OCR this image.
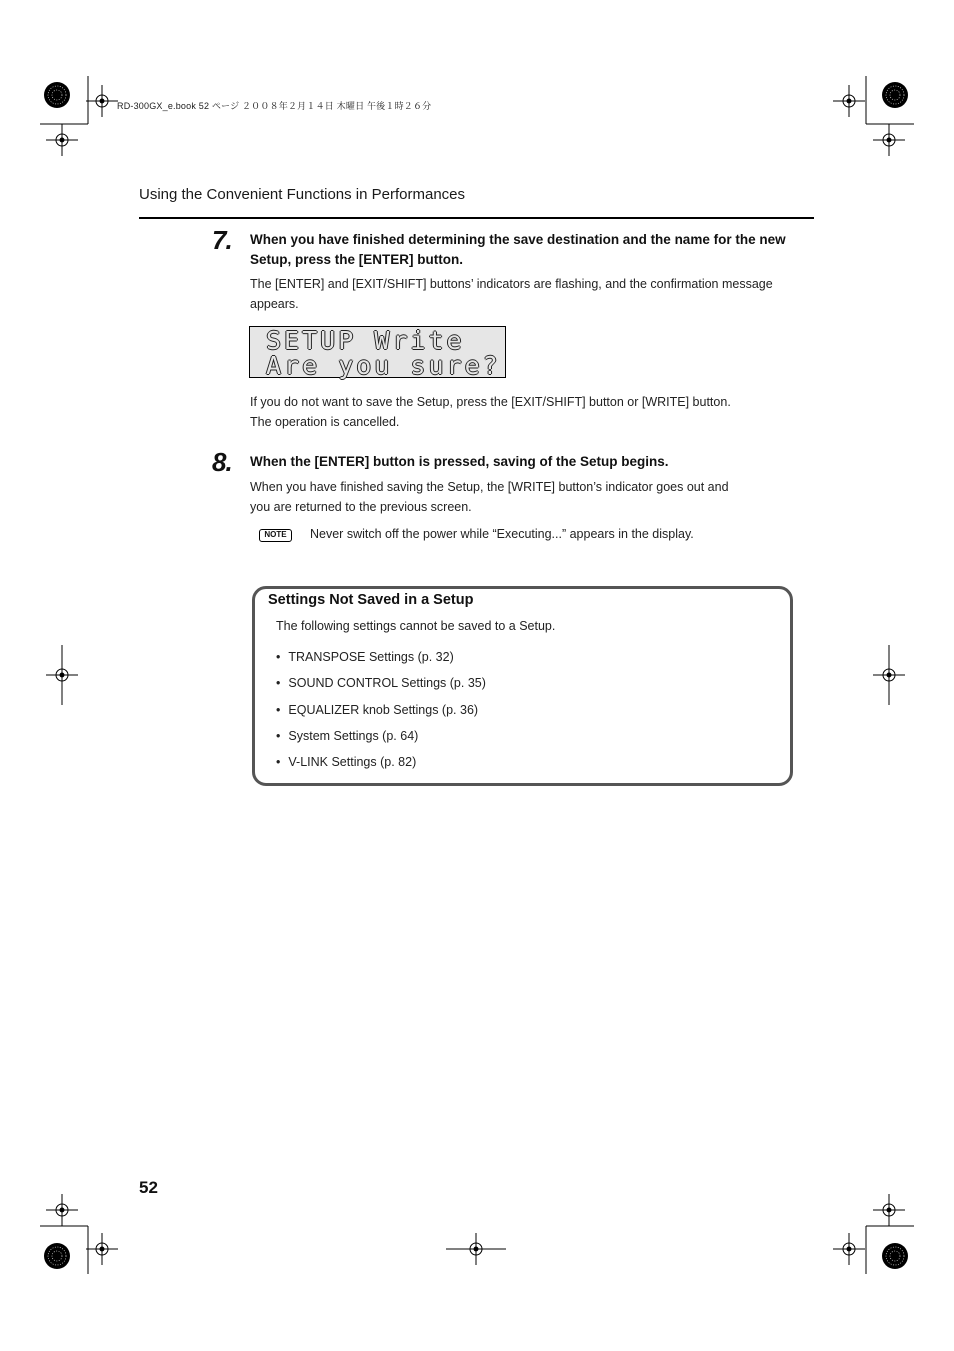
RD-300GX_e.book 52 ページ ２００８年２月１４日 木曜日 午後１時２６分
Using the Convenient Functions in Performances
7. When you have finished determining the save destination and the name for the new Setup, press the [ENTER] button.
The [ENTER] and [EXIT/SHIFT] buttons’ indicators are flashing, and the confirmation message appears.
SETUP Write
Are you sure?
If you do not want to save the Setup, press the [EXIT/SHIFT] button or [WRITE] button.
The operation is cancelled.
8. When the [ENTER] button is pressed, saving of the Setup begins.
When you have finished saving the Setup, the [WRITE] button’s indicator goes out and you are returned to the previous screen.
NOTE	Never switch off the power while “Executing...” appears in the display.
Settings Not Saved in a Setup
The following settings cannot be saved to a Setup.
• TRANSPOSE Settings (p. 32)
• SOUND CONTROL Settings (p. 35)
• EQUALIZER knob Settings (p. 36)
• System Settings (p. 64)
• V-LINK Settings (p. 82)
52
